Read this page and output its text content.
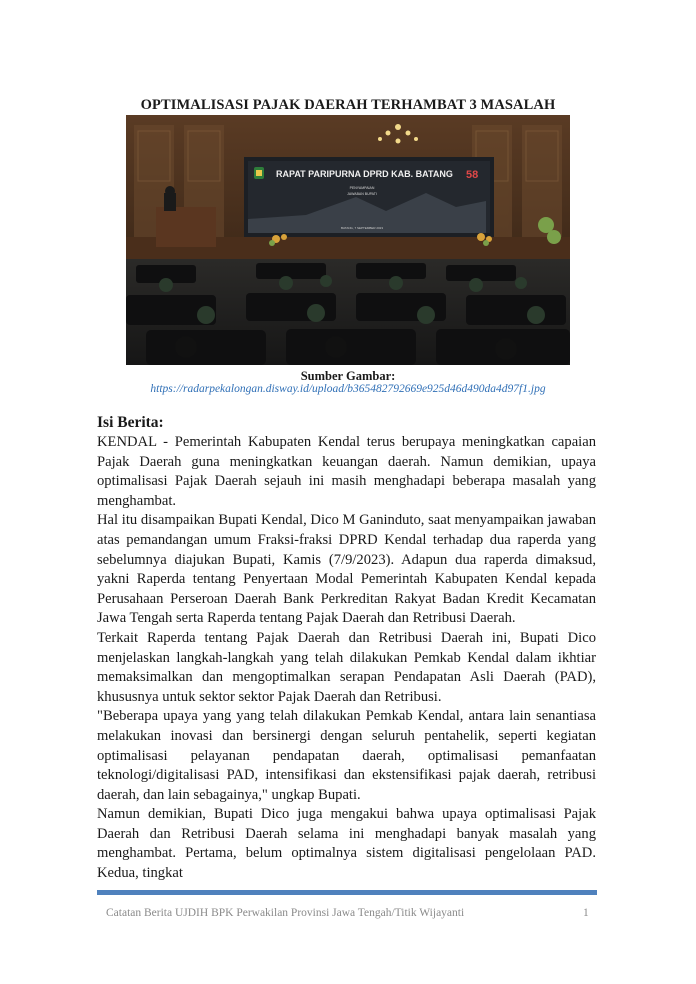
OPTIMALISASI PAJAK DAERAH TERHAMBAT 3 MASALAH
RAPAT PARIPURNA DPRD KAB. BATANG 58
PENYAMPAIAN
JAWABAN BUPATI
BATANG, 7 SEPTEMBER 2023
Sumber Gambar:
https://radarpekalongan.disway.id/upload/b365482792669e925d46d490da4d97f1.jpg
Isi Berita:

KENDAL - Pemerintah Kabupaten Kendal terus berupaya meningkatkan capaian Pajak Daerah guna meningkatkan keuangan daerah. Namun demikian, upaya optimalisasi Pajak Daerah sejauh ini masih menghadapi beberapa masalah yang menghambat.

Hal itu disampaikan Bupati Kendal, Dico M Ganinduto, saat menyampaikan jawaban atas pemandangan umum Fraksi-fraksi DPRD Kendal terhadap dua raperda yang sebelumnya diajukan Bupati, Kamis (7/9/2023). Adapun dua raperda dimaksud, yakni Raperda tentang Penyertaan Modal Pemerintah Kabupaten Kendal kepada Perusahaan Perseroan Daerah Bank Perkreditan Rakyat Badan Kredit Kecamatan Jawa Tengah serta Raperda tentang Pajak Daerah dan Retribusi Daerah.

Terkait Raperda tentang Pajak Daerah dan Retribusi Daerah ini, Bupati Dico menjelaskan langkah-langkah yang telah dilakukan Pemkab Kendal dalam ikhtiar memaksimalkan dan mengoptimalkan serapan Pendapatan Asli Daerah (PAD), khususnya untuk sektor sektor Pajak Daerah dan Retribusi.

"Beberapa upaya yang yang telah dilakukan Pemkab Kendal, antara lain senantiasa melakukan inovasi dan bersinergi dengan seluruh pentahelik, seperti kegiatan optimalisasi pelayanan pendapatan daerah, optimalisasi pemanfaatan teknologi/digitalisasi PAD, intensifikasi dan ekstensifikasi pajak daerah, retribusi daerah, dan lain sebagainya," ungkap Bupati.

Namun demikian, Bupati Dico juga mengakui bahwa upaya optimalisasi Pajak Daerah dan Retribusi Daerah selama ini menghadapi banyak masalah yang menghambat. Pertama, belum optimalnya sistem digitalisasi pengelolaan PAD. Kedua, tingkat

Catatan Berita UJDIH BPK Perwakilan Provinsi Jawa Tengah/Titik Wijayanti	1
